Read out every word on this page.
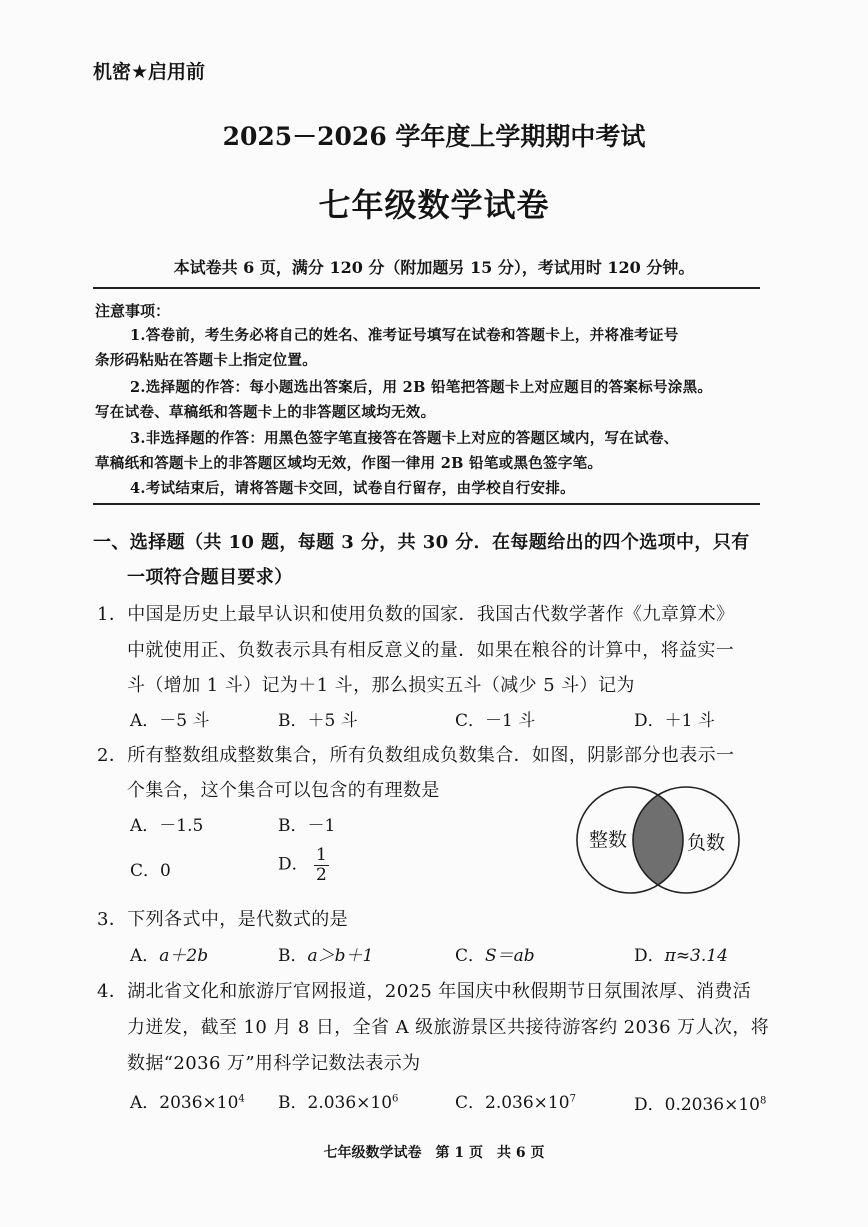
机密★启用前
2025－2026 学年度上学期期中考试
七年级数学试卷
本试卷共 6 页，满分 120 分（附加题另 15 分），考试用时 120 分钟。
注意事项：
1.答卷前，考生务必将自己的姓名、准考证号填写在试卷和答题卡上，并将准考证号
条形码粘贴在答题卡上指定位置。
2.选择题的作答：每小题选出答案后，用 2B 铅笔把答题卡上对应题目的答案标号涂黑。
写在试卷、草稿纸和答题卡上的非答题区域均无效。
3.非选择题的作答：用黑色签字笔直接答在答题卡上对应的答题区域内，写在试卷、
草稿纸和答题卡上的非答题区域均无效，作图一律用 2B 铅笔或黑色签字笔。
4.考试结束后，请将答题卡交回，试卷自行留存，由学校自行安排。
一、选择题（共 10 题，每题 3 分，共 30 分．在每题给出的四个选项中，只有
一项符合题目要求）
1．中国是历史上最早认识和使用负数的国家．我国古代数学著作《九章算术》
中就使用正、负数表示具有相反意义的量．如果在粮谷的计算中，将益实一
斗（增加 1 斗）记为＋1 斗，那么损实五斗（减少 5 斗）记为
A．－5 斗	B．＋5 斗	C．－1 斗	D．＋1 斗
2．所有整数组成整数集合，所有负数组成负数集合．如图，阴影部分也表示一
个集合，这个集合可以包含的有理数是
A．－1.5	B．－1
C．0	D． $\frac{1}{2}$
整数	负数
3．下列各式中，是代数式的是
A．a＋2b	B．a＞b＋1	C．S＝ab	D．π≈3.14
4．湖北省文化和旅游厅官网报道，2025 年国庆中秋假期节日氛围浓厚、消费活
力迸发，截至 10 月 8 日，全省 A 级旅游景区共接待游客约 2036 万人次，将
数据“2036 万”用科学记数法表示为
A．$2036\times 10^4$ B．$2.036\times 10^6$	C．$2.036\times 10^7$	D．$0.2036\times 10^8$
七年级数学试卷　第 1 页　共 6 页
